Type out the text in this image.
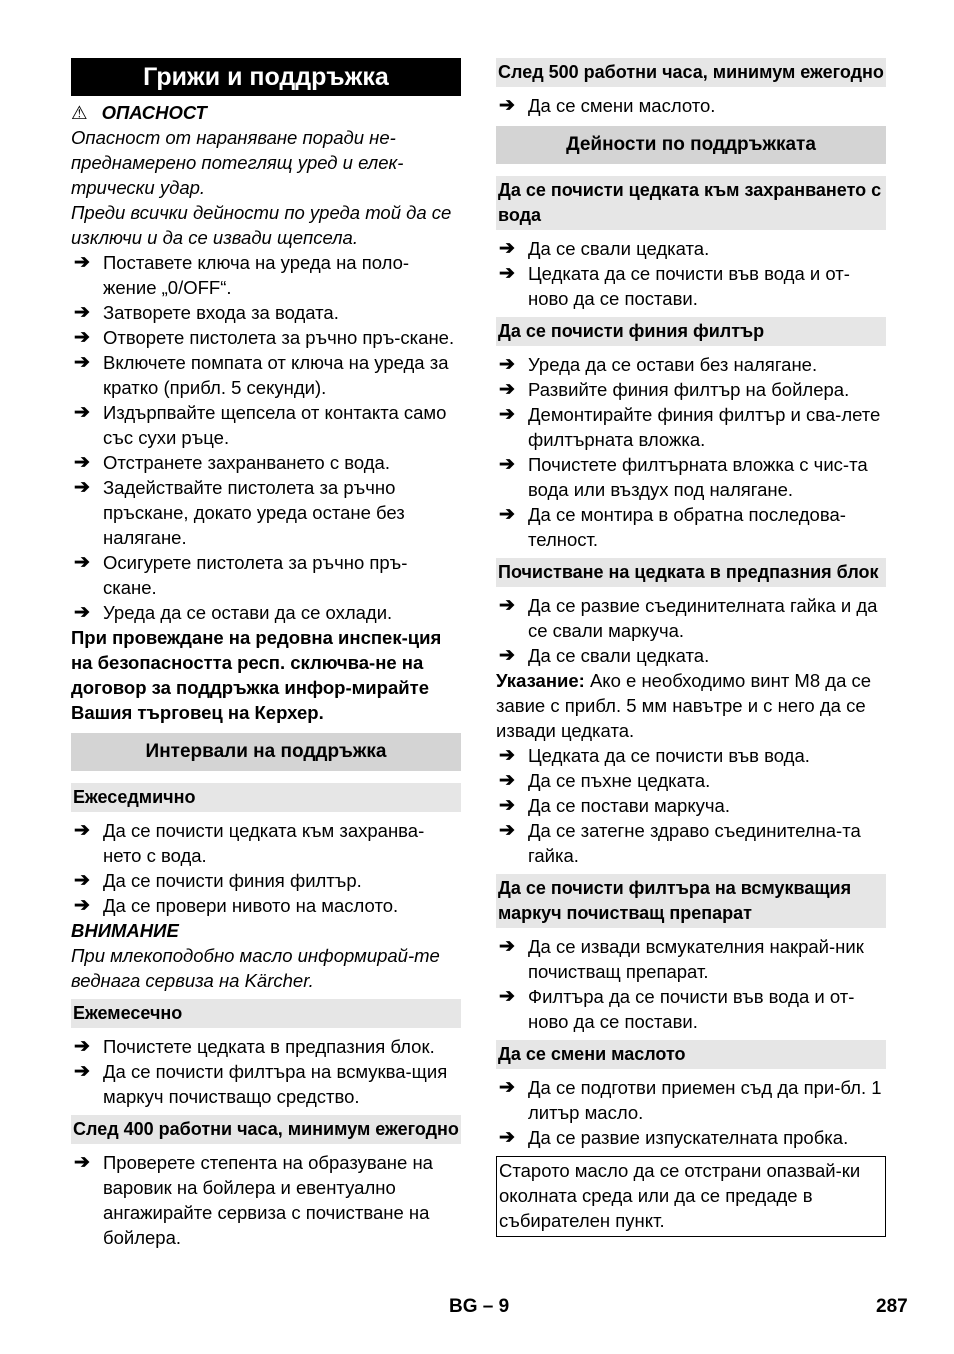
Грижи и поддръжка
⚠ ОПАСНОСТ

Опасност от нараняване поради не-преднамерено потеглящ уред и елек-трически удар.

Преди всички дейности по уреда той да се изключи и да се извади щепсела.

➔ Поставете ключа на уреда на поло-жение „0/OFF“.
➔ Затворете входа за водата.
➔ Отворете пистолета за ръчно пръ-скане.
➔ Включете помпата от ключа на уреда за кратко (прибл. 5 секунди).
➔ Издърпвайте щепсела от контакта само със сухи ръце.
➔ Отстранете захранването с вода.
➔ Задействайте пистолета за ръчно пръскане, докато уреда остане без налягане.
➔ Осигурете пистолета за ръчно пръ-скане.
➔ Уреда да се остави да се охлади.

При провеждане на редовна инспек-ция на безопасността респ. сключва-не на договор за поддръжка инфор-мирайте Вашия търговец на Керхер.

Интервали на поддръжка
Ежеседмично
➔ Да се почисти цедката към захранва-нето с вода.
➔ Да се почисти финия филтър.
➔ Да се провери нивото на маслото.
ВНИМАНИЕ

При млекоподобно масло информирай-те веднага сервиза на Kärcher.

Ежемесечно
➔ Почистете цедката в предпазния блок.
➔ Да се почисти филтъра на всмуква-щия маркуч почистващо средство.
След 400 работни часа, минимум ежегодно
➔ Проверете степента на образуване на варовик на бойлера и евентуално ангажирайте сервиза с почистване на бойлера.
След 500 работни часа, минимум ежегодно
➔ Да се смени маслото.
Дейности по поддръжката
Да се почисти цедката към захранването с вода
➔ Да се свали цедката.
➔ Цедката да се почисти във вода и от-ново да се постави.
Да се почисти финия филтър
➔ Уреда да се остави без налягане.
➔ Развийте финия филтър на бойлера.
➔ Демонтирайте финия филтър и сва-лете филтърната вложка.
➔ Почистете филтърната вложка с чис-та вода или въздух под налягане.
➔ Да се монтира в обратна последова-телност.
Почистване на цедката в предпазния блок
➔ Да се развие съединителната гайка и да се свали маркуча.
➔ Да се свали цедката.

Указание: Ако е необходимо винт M8 да се завие с прибл. 5 мм навътре и с него да се извади цедката.

➔ Цедката да се почисти във вода.
➔ Да се пъхне цедката.
➔ Да се постави маркуча.
➔ Да се затегне здраво съединителна-та гайка.
Да се почисти филтъра на всмукващия маркуч почистващ препарат
➔ Да се извади всмукателния накрай-ник почистващ препарат.
➔ Филтъра да се почисти във вода и от-ново да се постави.
Да се смени маслото
➔ Да се подготви приемен съд да при-бл. 1 литър масло.
➔ Да се развие изпускателната пробка.
Старото масло да се отстрани опазвай-ки околната среда или да се предаде в събирателен пункт.
BG – 9	287
